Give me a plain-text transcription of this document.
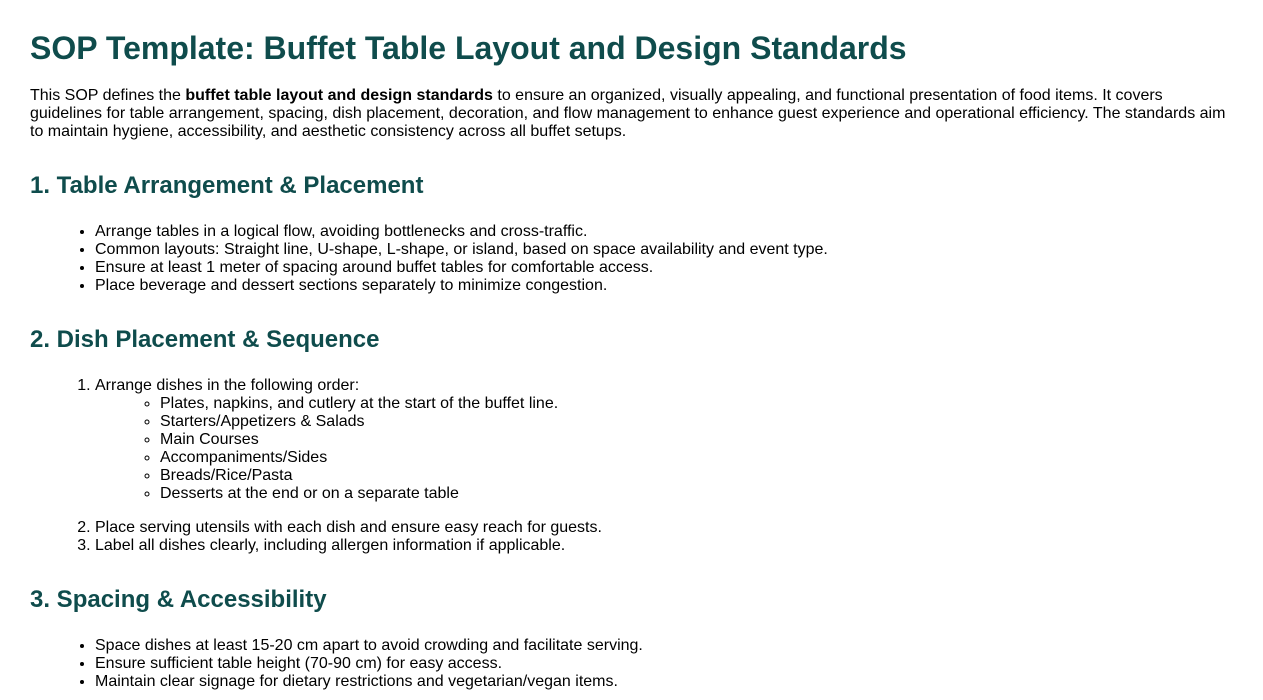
SOP Template: Buffet Table Layout and Design Standards

This SOP defines the buffet table layout and design standards to ensure an organized, visually appealing, and functional presentation of food items. It covers guidelines for table arrangement, spacing, dish placement, decoration, and flow management to enhance guest experience and operational efficiency. The standards aim to maintain hygiene, accessibility, and aesthetic consistency across all buffet setups.

1. Table Arrangement & Placement
• Arrange tables in a logical flow, avoiding bottlenecks and cross-traffic.
• Common layouts: Straight line, U-shape, L-shape, or island, based on space availability and event type.
• Ensure at least 1 meter of spacing around buffet tables for comfortable access.
• Place beverage and dessert sections separately to minimize congestion.
2. Dish Placement & Sequence
1. Arrange dishes in the following order:
◦ Plates, napkins, and cutlery at the start of the buffet line.
◦ Starters/Appetizers & Salads
◦ Main Courses
◦ Accompaniments/Sides
◦ Breads/Rice/Pasta
◦ Desserts at the end or on a separate table
2. Place serving utensils with each dish and ensure easy reach for guests.
3. Label all dishes clearly, including allergen information if applicable.
3. Spacing & Accessibility
• Space dishes at least 15-20 cm apart to avoid crowding and facilitate serving.
• Ensure sufficient table height (70-90 cm) for easy access.
• Maintain clear signage for dietary restrictions and vegetarian/vegan items.
